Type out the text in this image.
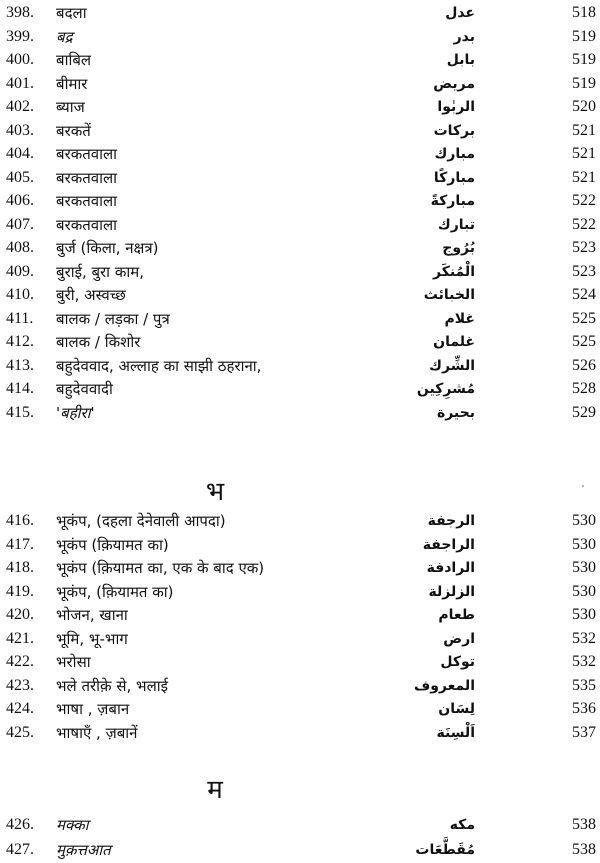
398.	बदला	عدل	518
399.	बद्र	بدر	519
400.	बाबिल	بابل	519
401.	बीमार	مريض	519
402.	ब्याज	الربٰوا	520
403.	बरकतें	بركات	521
404.	बरकतवाला	مبارك	521
405.	बरकतवाला	مباركًا	521
406.	बरकतवाला	مباركةً	522
407.	बरकतवाला	تبارك	522
408.	बुर्ज (किला, नक्षत्र)	بُرُوج	523
409.	बुराई, बुरा काम,	الْمُنكَر	523
410.	बुरी, अस्वच्छ	الخبائث	524
411.	बालक / लड़का / पुत्र	غلام	525
412.	बालक / किशोर	غلمان	525
413.	बहुदेववाद, अल्लाह का साझी ठहराना,	الشِّرك	526
414.	बहुदेववादी	مُشرِكِين	528
415.	'बहीरा'	بحيرة	529
भ
416.	भूकंप, (दहला देनेवाली आपदा)	الرجفة	530
417.	भूकंप (क़ियामत का)	الراجفة	530
418.	भूकंप (क़ियामत का, एक के बाद एक)	الرادفة	530
419.	भूकंप, (क़ियामत का)	الزلزلة	530
420.	भोजन, खाना	طعام	530
421.	भूमि, भू-भाग	ارض	532
422.	भरोसा	توكل	532
423.	भले तरीक़े से, भलाई	المعروف	535
424.	भाषा , ज़बान	لِسَان	536
425.	भाषाएँ , ज़बानें	اَلْسِنَة	537
म
426.	मक्का	مكه	538
427.	मुक़त्तआत	مُقَطَّعَات	538
